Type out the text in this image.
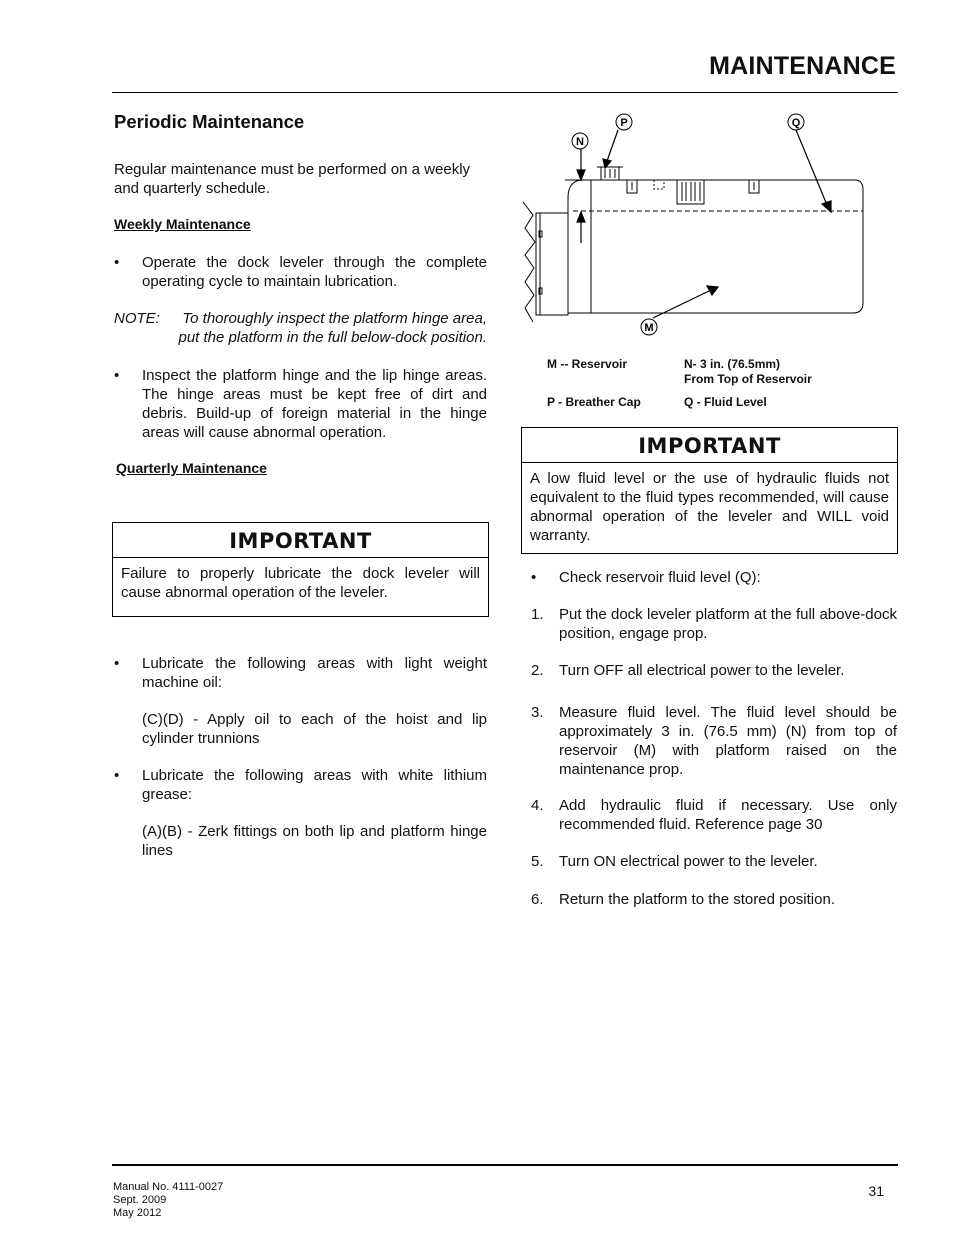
MAINTENANCE
Periodic Maintenance
Regular maintenance must be performed on a weekly and quarterly schedule.
Weekly Maintenance
• Operate the dock leveler through the complete operating cycle to maintain lubrication.
NOTE:	To thoroughly inspect the platform hinge area, put the platform in the full below-dock position.
• Inspect the platform hinge and the lip hinge areas. The hinge areas must be kept free of dirt and debris. Build-up of foreign material in the hinge areas will cause abnormal operation.
Quarterly Maintenance
IMPORTANT
Failure to properly lubricate the dock leveler will cause abnormal operation of the leveler.
• Lubricate the following areas with light weight machine oil:
(C)(D) - Apply oil to each of the hoist and lip cylinder trunnions
• Lubricate the following areas with white lithium grease:
(A)(B) - Zerk fittings on both lip and platform hinge lines
N
P	Q
M
M -- Reservoir	N- 3 in. (76.5mm)
From Top of Reservoir
P - Breather Cap	Q - Fluid Level
IMPORTANT
A low fluid level or the use of hydraulic fluids not equivalent to the fluid types recommended, will cause abnormal operation of the leveler and WILL void warranty.
• Check reservoir fluid level (Q):
1. Put the dock leveler platform at the full above-dock position, engage prop.
2. Turn OFF all electrical power to the leveler.
3. Measure fluid level. The fluid level should be approximately 3 in. (76.5 mm) (N) from top of reservoir (M) with platform raised on the maintenance prop.
4. Add hydraulic fluid if necessary. Use only recommended fluid. Reference page 30
5. Turn ON electrical power to the leveler.
6. Return the platform to the stored position.
Manual No. 4111-0027
Sept. 2009
May 2012
31
